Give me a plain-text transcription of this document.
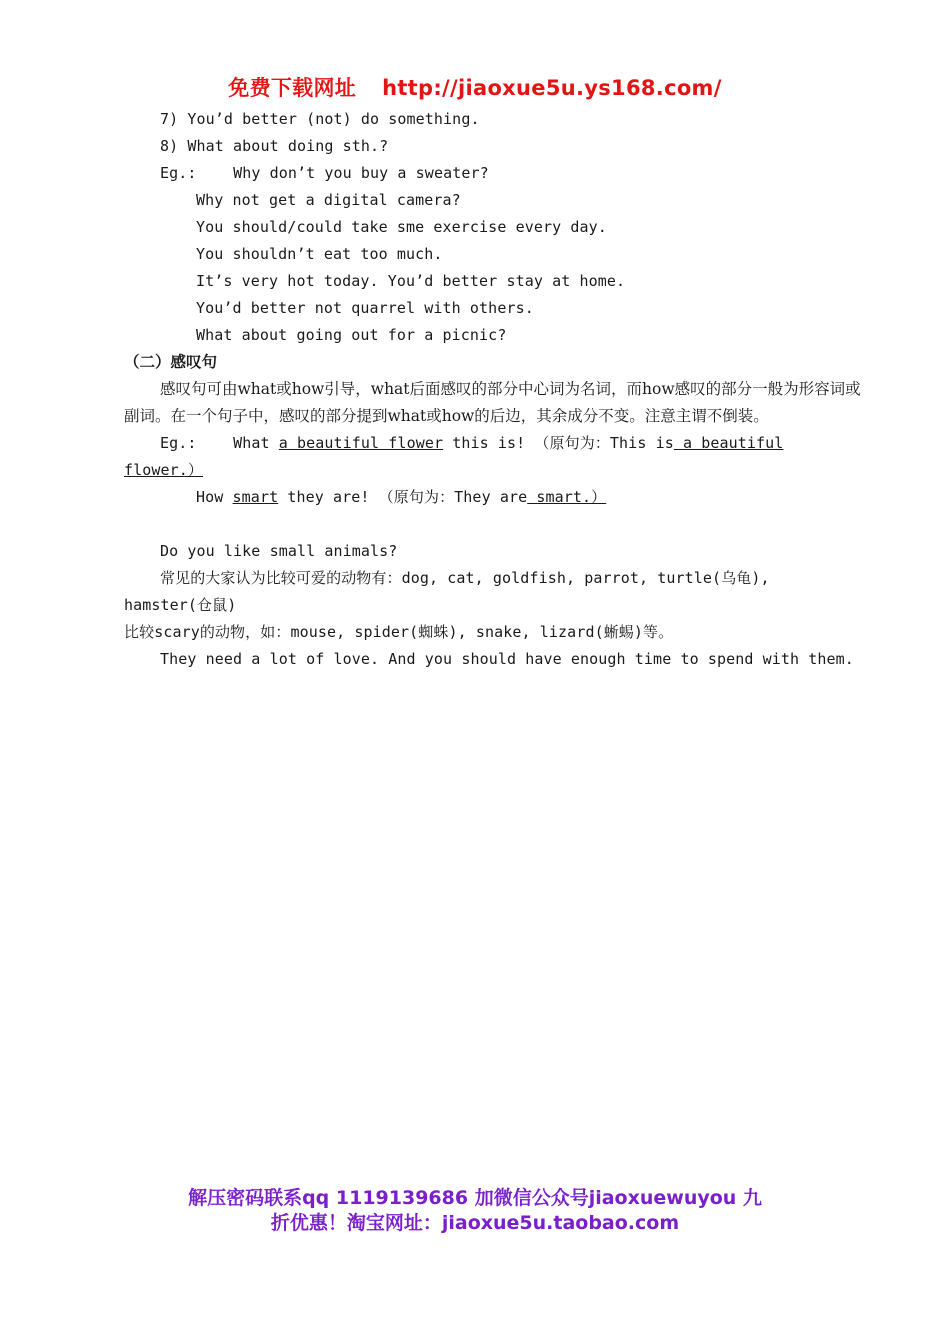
免费下载网址 http://jiaoxue5u.ys168.com/
7) You’d better (not) do something.
8) What about doing sth.?
Eg.: Why don’t you buy a sweater?
Why not get a digital camera?
You should/could take sme exercise every day.
You shouldn’t eat too much.
It’s very hot today. You’d better stay at home.
You’d better not quarrel with others.
What about going out for a picnic?
（二）感叹句
感叹句可由what或how引导，what后面感叹的部分中心词为名词，而how感叹的部分一般为形容词或副词。在一个句子中，感叹的部分提到what或how的后边，其余成分不变。注意主谓不倒装。
Eg.: What a beautiful flower this is! （原句为：This is a beautiful
flower.）
How smart they are! （原句为：They are smart.）
Do you like small animals?
常见的大家认为比较可爱的动物有：dog, cat, goldfish, parrot, turtle(乌龟),
hamster(仓鼠)
比较scary的动物，如：mouse, spider(蜘蛛), snake, lizard(蜥蜴)等。
They need a lot of love. And you should have enough time to spend with them.
解压密码联系qq 1119139686 加微信公众号jiaoxuewuyou 九
折优惠！淘宝网址：jiaoxue5u.taobao.com
